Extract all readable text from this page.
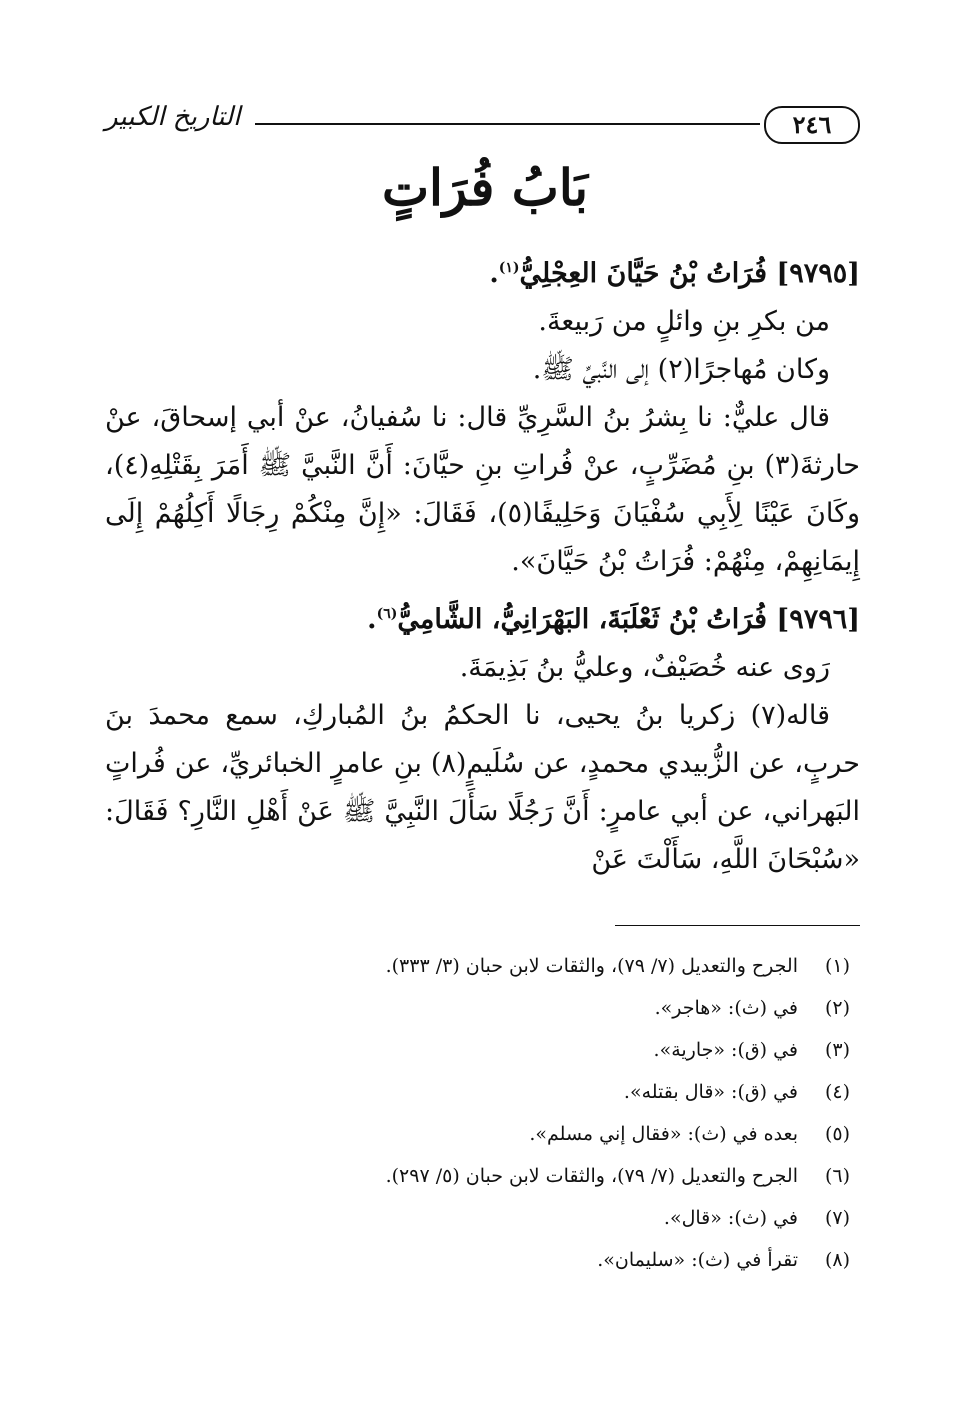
٢٤٦
التاريخ الكبير
بَابُ فُرَاتٍ

[٩٧٩٥] فُرَاتُ بْنُ حَيَّانَ العِجْلِيُّ$^{(١)}$.

من بكرِ بنِ وائلٍ من رَبيعةَ.

وكان مُهاجرًا(٢) إلى النَّبيِّ ﷺ.

قال عليٌّ: نا بِشرُ بنُ السَّرِيِّ قال: نا سُفيانُ، عنْ أبي إسحاقَ، عنْ حارثةَ(٣) بنِ مُضَرِّبٍ، عنْ فُراتِ بنِ حيَّانَ: أَنَّ النَّبيَّ ﷺ أَمَرَ بِقَتْلِهِ(٤)، وكَانَ عَيْنًا لِأَبِي سُفْيَانَ وَحَلِيفًا(٥)، فَقَالَ: «إِنَّ مِنْكُمْ رِجَالًا أَكِلُهُمْ إِلَى إِيمَانِهِمْ، مِنْهُمْ: فُرَاتُ بْنُ حَيَّانَ».

[٩٧٩٦] فُرَاتُ بْنُ ثَعْلَبَةَ، البَهْرَانِيُّ، الشَّامِيُّ$^{(٦)}$.

رَوى عنه خُصَيْفٌ، وعليُّ بنُ بَذِيمَةَ.

قاله(٧) زكريا بنُ يحيى، نا الحكمُ بنُ المُباركِ، سمع محمدَ بنَ حربٍ، عن الزُّبيدي محمدٍ، عن سُلَيمٍ(٨) بنِ عامرٍ الخبائريِّ، عن فُراتٍ البَهراني، عن أبي عامرٍ: أَنَّ رَجُلًا سَأَلَ النَّبِيَّ ﷺ عَنْ أَهْلِ النَّارِ؟ فَقَالَ: «سُبْحَانَ اللَّهِ، سَأَلْتَ عَنْ

(١)الجرح والتعديل (٧/ ٧٩)، والثقات لابن حبان (٣/ ٣٣٣).

(٢)في (ث): «هاجر».

(٣)في (ق): «جارية».

(٤)في (ق): «قال بقتله».

(٥)بعده في (ث): «فقال إني مسلم».

(٦)الجرح والتعديل (٧/ ٧٩)، والثقات لابن حبان (٥/ ٢٩٧).

(٧)في (ث): «قال».

(٨)تقرأ في (ث): «سليمان».
